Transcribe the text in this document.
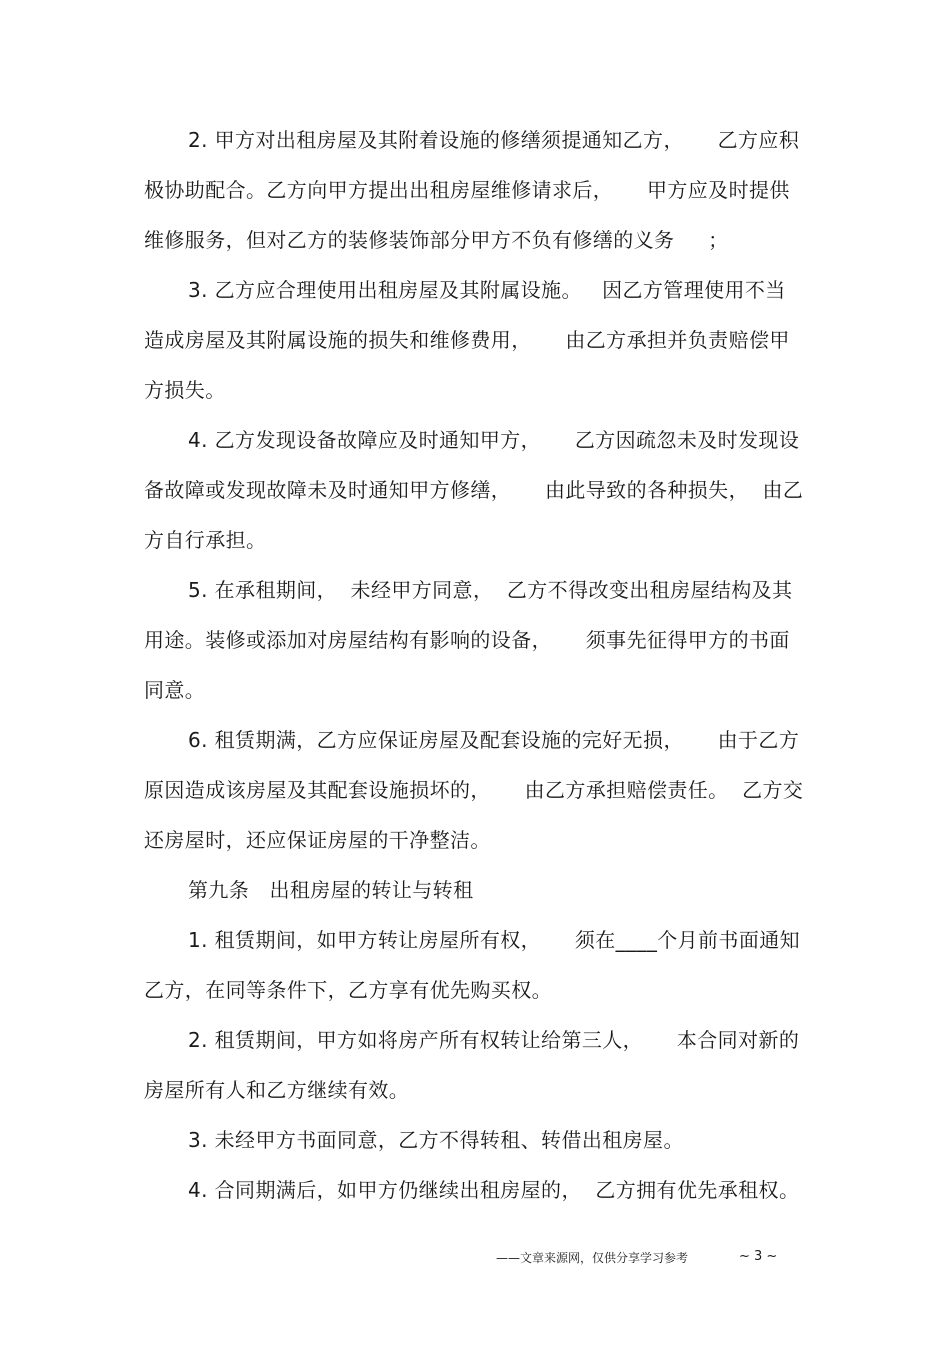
2. 甲方对出租房屋及其附着设施的修缮须提通知乙方，     乙方应积
极协助配合。乙方向甲方提出出租房屋维修请求后，     甲方应及时提供
维修服务，但对乙方的装修装饰部分甲方不负有修缮的义务     ；
3. 乙方应合理使用出租房屋及其附属设施。   因乙方管理使用不当
造成房屋及其附属设施的损失和维修费用，     由乙方承担并负责赔偿甲
方损失。
4. 乙方发现设备故障应及时通知甲方，     乙方因疏忽未及时发现设
备故障或发现故障未及时通知甲方修缮，     由此导致的各种损失，  由乙
方自行承担。
5. 在承租期间，  未经甲方同意，  乙方不得改变出租房屋结构及其
用途。装修或添加对房屋结构有影响的设备，     须事先征得甲方的书面
同意。
6. 租赁期满，乙方应保证房屋及配套设施的完好无损，     由于乙方
原因造成该房屋及其配套设施损坏的，     由乙方承担赔偿责任。  乙方交
还房屋时，还应保证房屋的干净整洁。
第九条   出租房屋的转让与转租
1. 租赁期间，如甲方转让房屋所有权，     须在____个月前书面通知
乙方，在同等条件下，乙方享有优先购买权。
2. 租赁期间，甲方如将房产所有权转让给第三人，     本合同对新的
房屋所有人和乙方继续有效。
3. 未经甲方书面同意，乙方不得转租、转借出租房屋。
4. 合同期满后，如甲方仍继续出租房屋的，  乙方拥有优先承租权。
——文章来源网，仅供分享学习参考	~ 3 ~
